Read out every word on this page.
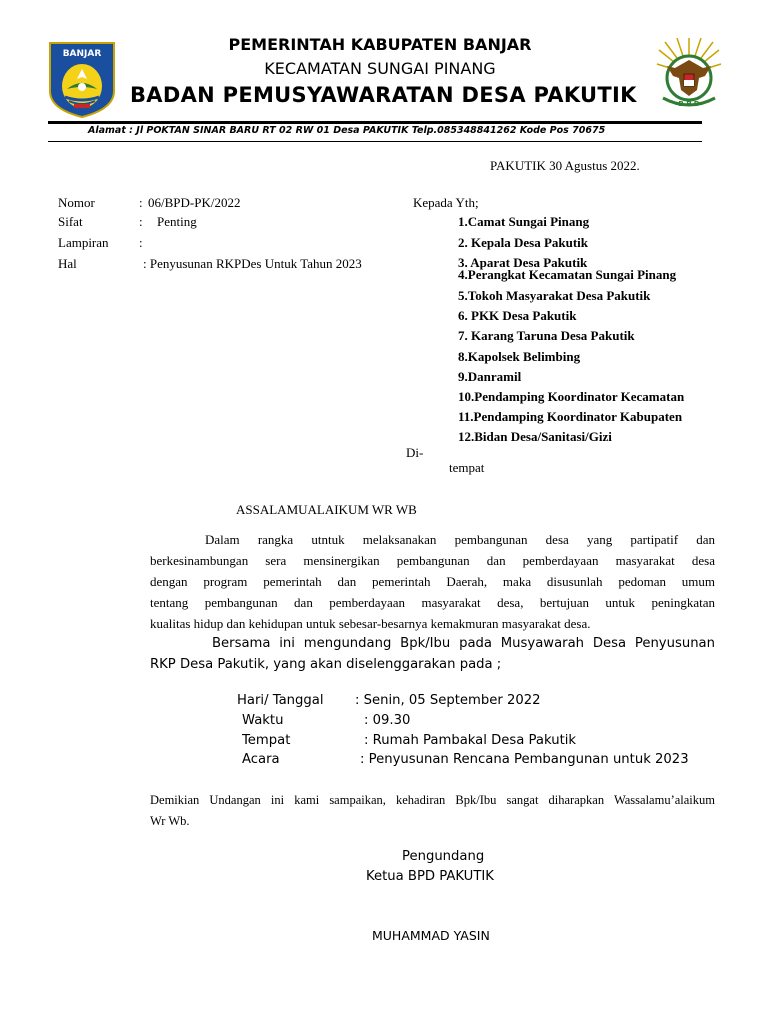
BANJAR
B P D
PEMERINTAH KABUPATEN BANJAR
KECAMATAN SUNGAI PINANG
BADAN PEMUSYAWARATAN DESA PAKUTIK
Alamat : Jl POKTAN SINAR BARU RT 02 RW 01 Desa PAKUTIK Telp.085348841262 Kode Pos 70675
PAKUTIK 30 Agustus 2022.
Nomor	: 06/BPD-PK/2022
Sifat	: Penting
Lampiran :
Hal	: Penyusunan RKPDes Untuk Tahun 2023
Kepada Yth;
1.Camat Sungai Pinang
2. Kepala Desa Pakutik
3. Aparat Desa Pakutik
4.Perangkat Kecamatan Sungai Pinang
5.Tokoh Masyarakat Desa Pakutik
6. PKK Desa Pakutik
7. Karang Taruna Desa Pakutik
8.Kapolsek Belimbing
9.Danramil
10.Pendamping Koordinator Kecamatan
11.Pendamping Koordinator Kabupaten
12.Bidan Desa/Sanitasi/Gizi
Di-
tempat
ASSALAMUALAIKUM WR WB
Dalam rangka utntuk melaksanakan pembangunan desa yang partipatif dan
berkesinambungan sera mensinergikan pembangunan dan pemberdayaan masyarakat desa
dengan program pemerintah dan pemerintah Daerah, maka disusunlah pedoman umum
tentang pembangunan dan pemberdayaan masyarakat desa, bertujuan untuk peningkatan
kualitas hidup dan kehidupan untuk sebesar-besarnya kemakmuran masyarakat desa.
Bersama ini mengundang Bpk/Ibu pada Musyawarah Desa Penyusunan
RKP Desa Pakutik, yang akan diselenggarakan pada ;
Hari/ Tanggal : Senin, 05 September 2022
Waktu	: 09.30
Tempat	: Rumah Pambakal Desa Pakutik
Acara	: Penyusunan Rencana Pembangunan untuk 2023
Demikian Undangan ini kami sampaikan, kehadiran Bpk/Ibu sangat diharapkan Wassalamu’alaikum
Wr Wb.
Pengundang
Ketua BPD PAKUTIK
MUHAMMAD YASIN
